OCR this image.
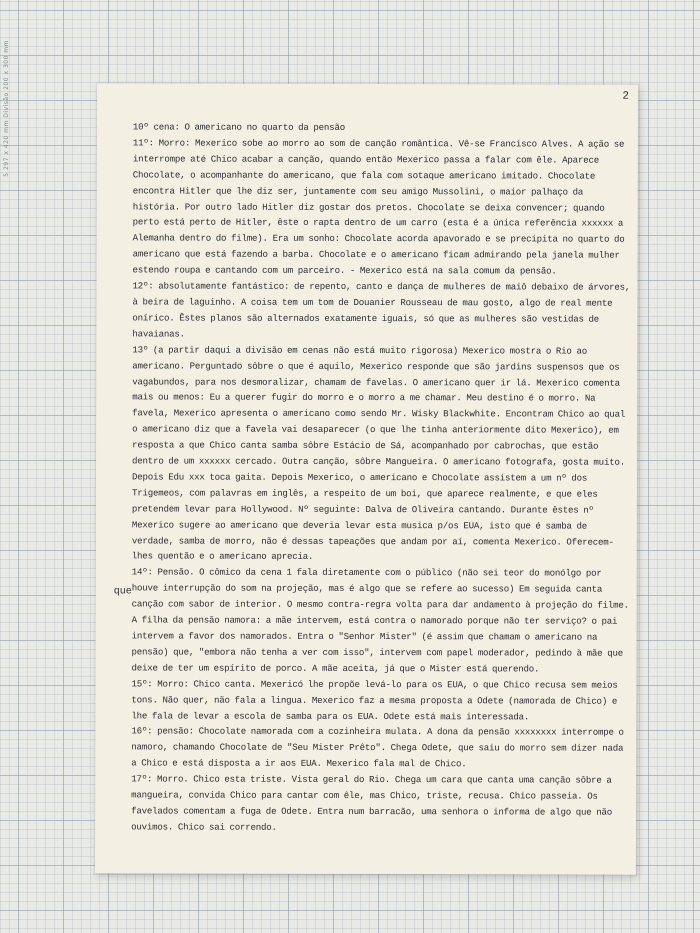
5 297 x 420 mm Divisão 200 x 300 mm	2
que

10º cena: O americano no quarto da pensão

11º: Morro: Mexerico sobe ao morro ao som de canção romântica. Vê-se Francisco Alves. A ação se interrompe até Chico acabar a canção, quando então Mexerico passa a falar com êle. Aparece Chocolate, o acompanhante do americano, que fala com sotaque americano imitado. Chocolate encontra Hitler que lhe diz ser, juntamente com seu amigo Mussolini, o maior palhaço da história. Por outro lado Hitler diz gostar dos pretos. Chocolate se deixa convencer; quando perto está perto de Hitler, êste o rapta dentro de um carro (esta é a única referência xxxxxx a Alemanha dentro do filme). Era um sonho: Chocolate acorda apavorado e se precipita no quarto do americano que está fazendo a barba. Chocolate e o americano ficam admirando pela janela mulher estendo roupa e cantando com um parceiro. - Mexerico está na sala comum da pensão.

12º: absolutamente fantástico: de repento, canto e dança de mulheres de maiô debaixo de árvores, à beira de laguinho. A coisa tem um tom de Douanier Rousseau de mau gosto, algo de real mente onírico. Êstes planos são alternados exatamente iguais, só que as mulheres são vestidas de havaianas.

13º (a partir daqui a divisão em cenas não está muito rigorosa) Mexerico mostra o Rio ao americano. Perguntado sôbre o que é aquilo, Mexerico responde que são jardins suspensos que os vagabundos, para nos desmoralizar, chamam de favelas. O americano quer ir lá. Mexerico comenta mais ou menos: Eu a querer fugir do morro e o morro a me chamar. Meu destino é o morro. Na favela, Mexerico apresenta o americano como sendo Mr. Wisky Blackwhite. Encontram Chico ao qual o americano diz que a favela vai desaparecer (o que lhe tinha anteriormente dito Mexerico), em resposta a que Chico canta samba sôbre Estácio de Sá, acompanhado por cabrochas, que estão dentro de um xxxxxx cercado. Outra canção, sôbre Mangueira. O americano fotografa, gosta muito. Depois Edu xxx toca gaita. Depois Mexerico, o americano e Chocolate assistem a um nº dos Trigemeos, com palavras em inglês, a respeito de um boi, que aparece realmente, e que eles pretendem levar para Hollywood. Nº seguinte: Dalva de Oliveira cantando. Durante êstes nº Mexerico sugere ao americano que deveria levar esta musica p/os EUA, isto que é samba de verdade, samba de morro, não é dessas tapeações que andam por aí, comenta Mexerico. Oferecem-lhes quentão e o americano aprecia.

14º: Pensão. O cômico da cena 1 fala diretamente com o público (não sei teor do monólgo por houve interrupção do som na projeção, mas é algo que se refere ao sucesso) Em seguida canta canção com sabor de interior. O mesmo contra-regra volta para dar andamento à projeção do filme. A filha da pensão namora: a mãe intervem, está contra o namorado porque não ter serviço? o pai intervem a favor dos namorados. Entra o "Senhor Mister" (é assim que chamam o americano na pensão) que, "embora não tenha a ver com isso", intervem com papel moderador, pedindo à mãe que deixe de ter um espírito de porco. A mãe aceita, já que o Mister está querendo.

15º: Morro: Chico canta. Mexericó lhe propõe levá-lo para os EUA, o que Chico recusa sem meios tons. Não quer, não fala a lingua. Mexerico faz a mesma proposta a Odete (namorada de Chico) e lhe fala de levar a escola de samba para os EUA. Odete está mais interessada.

16º: pensão: Chocolate namorada com a cozinheira mulata. A dona da pensão xxxxxxxx interrompe o namoro, chamando Chocolate de "Seu Mister Prêto". Chega Odete, que saiu do morro sem dizer nada a Chico e está disposta a ir aos EUA. Mexerico fala mal de Chico.

17º: Morro. Chico esta triste. Vista geral do Rio. Chega um cara que canta uma canção sôbre a mangueira, convida Chico para cantar com êle, mas Chico, triste, recusa. Chico passeia. Os favelados comentam a fuga de Odete. Entra num barracão, uma senhora o informa de algo que não ouvimos. Chico sai correndo.
